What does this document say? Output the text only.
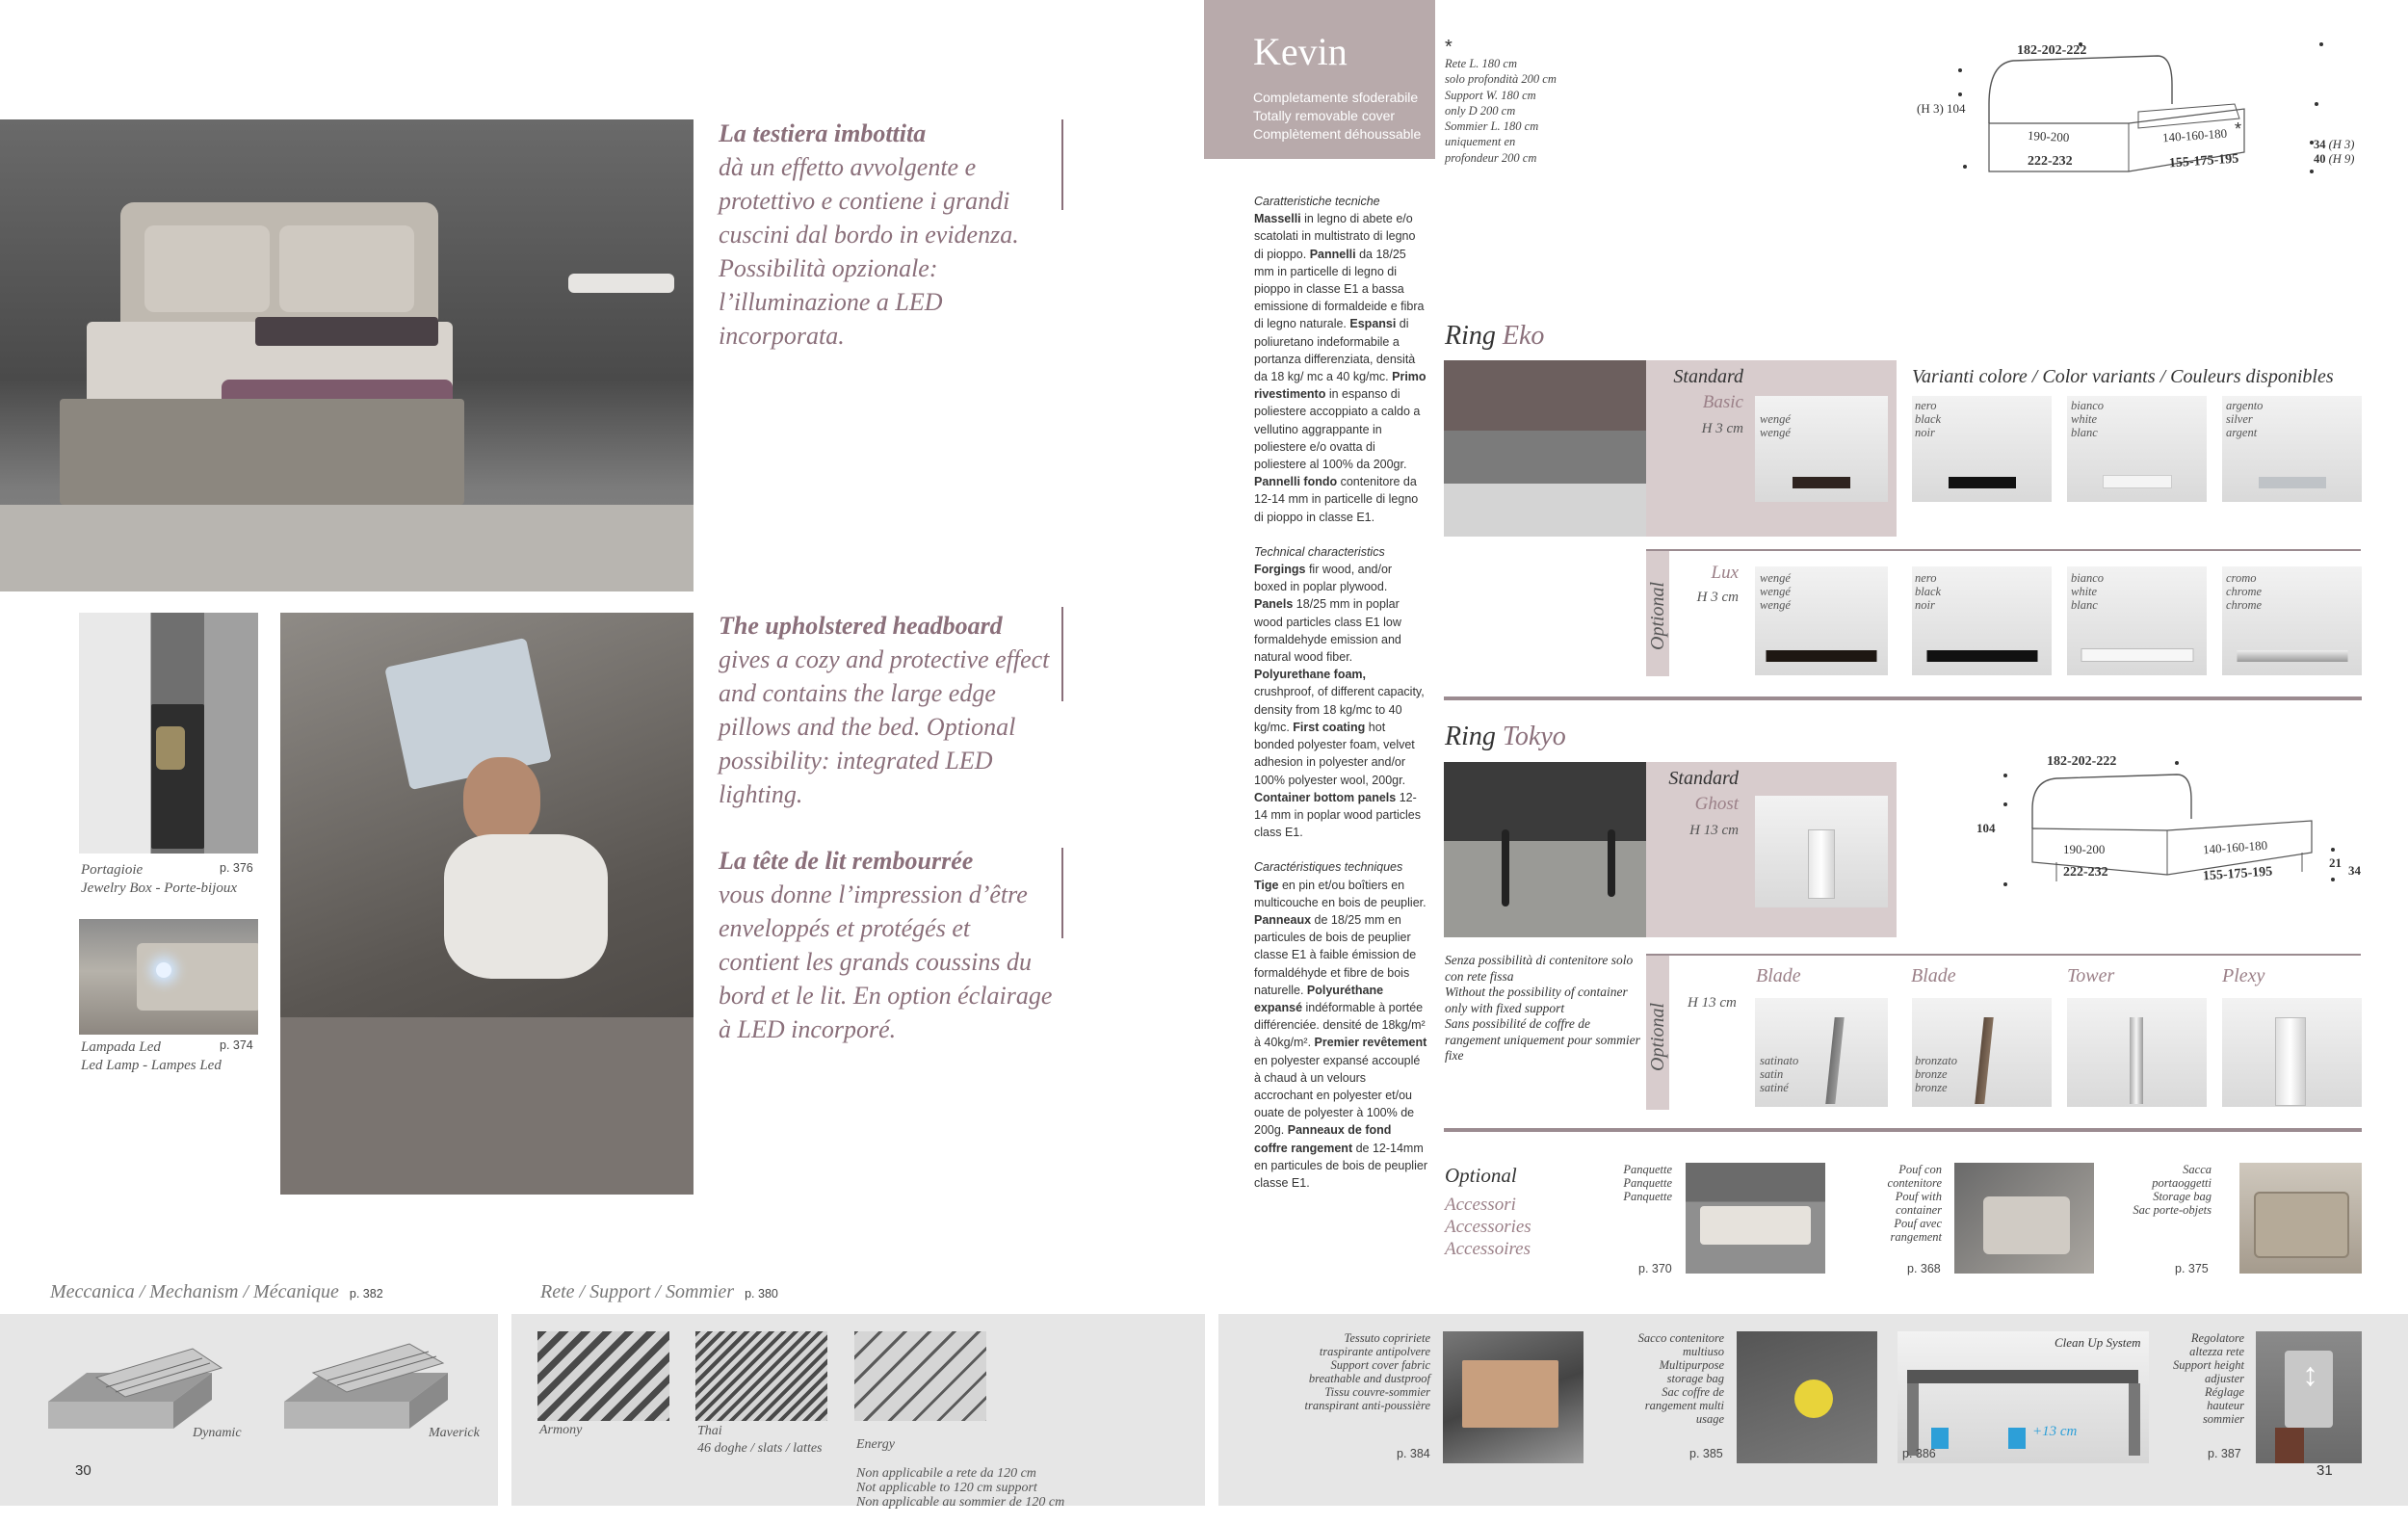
La testiera imbottita
dà un effetto avvolgente e protettivo e contiene i grandi cuscini dal bordo in evidenza. Possibilità opzionale: l’illuminazione a LED incorporata.
The upholstered headboard
gives a cozy and protective effect and contains the large edge pillows and the bed. Optional possibility: integrated LED lighting.
La tête de lit rembourrée
vous donne l’impression d’être enveloppés et protégés et contient les grands coussins du bord et le lit. En option éclairage à LED incorporé.
Portagioie
Jewelry Box - Porte-bijoux
p. 376
Lampada Led
Led Lamp - Lampes Led
p. 374
Meccanica / Mechanism / Mécanique p. 382	Rete / Support / Sommier p. 380
Dynamic	Maverick
30
Armony	Thai
46 doghe / slats / lattes	Energy

Non applicabile a rete da 120 cm
Not applicable to 120 cm support
Non applicable au sommier de 120 cm

Kevin
Completamente sfoderabile
Totally removable cover
Complètement déhoussable
*
Rete L. 180 cm
solo profondità 200 cm
Support W. 180 cm
only D 200 cm
Sommier L. 180 cm
uniquement en
profondeur 200 cm
182-202-222
(H 3) 104
190-200	140-160-180 *
222-232	155-175-195
34 (H 3)
40 (H 9)
Caratteristiche tecniche
Masselli in legno di abete e/o scatolati in multistrato di legno di pioppo. Pannelli da 18/25 mm in particelle di legno di pioppo in classe E1 a bassa emissione di formaldeide e fibra di legno naturale. Espansi di poliuretano indeformabile a portanza differenziata, densità da 18 kg/ mc a 40 kg/mc. Primo rivestimento in espanso di poliestere accoppiato a caldo a vellutino aggrappante in poliestere e/o ovatta di poliestere al 100% da 200gr. Pannelli fondo contenitore da 12-14 mm in particelle di legno di pioppo in classe E1.
Technical characteristics
Forgings fir wood, and/or boxed in poplar plywood. Panels 18/25 mm in poplar wood particles class E1 low formaldehyde emission and natural wood fiber. Polyurethane foam, crushproof, of different capacity, density from 18 kg/mc to 40 kg/mc. First coating hot bonded polyester foam, velvet adhesion in polyester and/or 100% polyester wool, 200gr. Container bottom panels 12-14 mm in poplar wood particles class E1.
Caractéristiques techniques
Tige en pin et/ou boîtiers en multicouche en bois de peuplier. Panneaux de 18/25 mm en particules de bois de peuplier classe E1 à faible émission de formaldéhyde et fibre de bois naturelle. Polyuréthane expansé indéformable à portée différenciée. densité de 18kg/m² à 40kg/m². Premier revêtement en polyester expansé accouplé à chaud à un velours accrochant en polyester et/ou ouate de polyester à 100% de 200g. Panneaux de fond coffre rangement de 12-14mm en particules de bois de peuplier classe E1.
Ring Eko
Standard
Basic
H 3 cm
wengé
wengé
Varianti colore / Color variants / Couleurs disponibles
nero
black
noir
bianco
white
blanc
argento
silver
argent
Optional
Lux
H 3 cm
wengé
wengé
wengé
nero
black
noir
bianco
white
blanc
cromo
chrome
chrome
Ring Tokyo
Standard
Ghost
H 13 cm
182-202-222
104
190-200	140-160-180
222-232	155-175-195
21
34
Senza possibilità di contenitore solo con rete fissa
Without the possibility of container only with fixed support
Sans possibilité de coffre de rangement uniquement pour sommier fixe	Optional H 13 cm
Blade	Blade	Tower	Plexy
satinato
satin
satiné
bronzato
bronze
bronze
Optional
Accessori
Accessories
Accessoires
Panquette
Panquette
Panquette
p. 370
Pouf con
contenitore
Pouf with
container
Pouf avec
rangement
p. 368
Sacca
portaoggetti
Storage bag
Sac porte-objets
p. 375
Tessuto copririete
traspirante antipolvere
Support cover fabric
breathable and dustproof
Tissu couvre-sommier
transpirant anti-poussière
p. 384
Sacco contenitore
multiuso
Multipurpose
storage bag
Sac coffre de
rangement multi
usage
p. 385
Clean Up System
+13 cm
p. 386
Regolatore
altezza rete
Support height
adjuster
Réglage
hauteur
sommier
p. 387
↕
31
